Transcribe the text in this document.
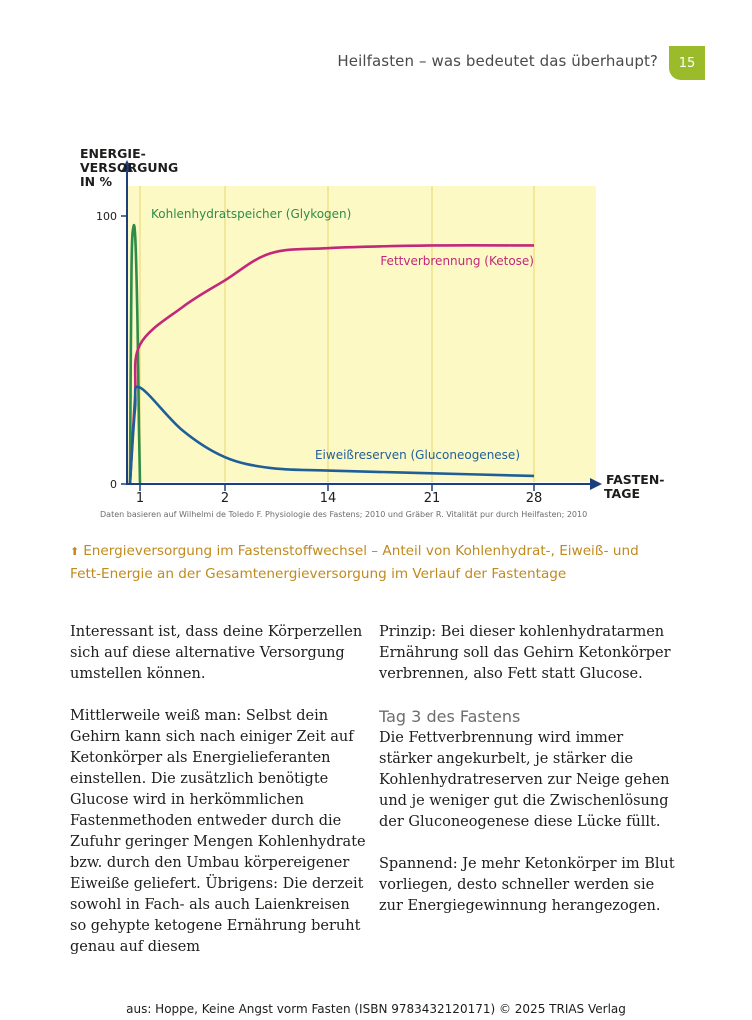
Heilfasten – was bedeutet das überhaupt?	15
ENERGIE-VERSORGUNG IN %
FASTEN-TAGE
1	2	14	21	28
0
100	Kohlenhydratspeicher (Glykogen)
Fettverbrennung (Ketose)
Eiweißreserven (Gluconeogenese)
Daten basieren auf Wilhelmi de Toledo F. Physiologie des Fastens; 2010 und Gräber R. Vitalität pur durch Heilfasten; 2010
⬆︎ Energieversorgung im Fastenstoffwechsel – Anteil von Kohlenhydrat-, Eiweiß- und Fett-Energie an der Gesamtenergieversorgung im Verlauf der Fastentage

Interessant ist, dass deine Körperzellen sich auf diese alternative Versorgung umstellen können.

Mittlerweile weiß man: Selbst dein Gehirn kann sich nach einiger Zeit auf Ketonkörper als Energielieferanten einstellen. Die zusätzlich benötigte Glucose wird in herkömmlichen Fastenmethoden entweder durch die Zufuhr geringer Mengen Kohlenhydrate bzw. durch den Umbau körpereigener Eiweiße geliefert. Übrigens: Die derzeit sowohl in Fach- als auch Laienkreisen so gehypte ketogene Ernährung beruht genau auf diesem

Prinzip: Bei dieser kohlenhydratarmen Ernährung soll das Gehirn Ketonkörper verbrennen, also Fett statt Glucose.

Tag 3 des Fastens

Die Fettverbrennung wird immer stärker angekurbelt, je stärker die Kohlenhydratreserven zur Neige gehen und je weniger gut die Zwischenlösung der Gluconeogenese diese Lücke füllt.

Spannend: Je mehr Ketonkörper im Blut vorliegen, desto schneller werden sie zur Energiegewinnung herangezogen.

aus: Hoppe, Keine Angst vorm Fasten (ISBN 9783432120171) © 2025 TRIAS Verlag
